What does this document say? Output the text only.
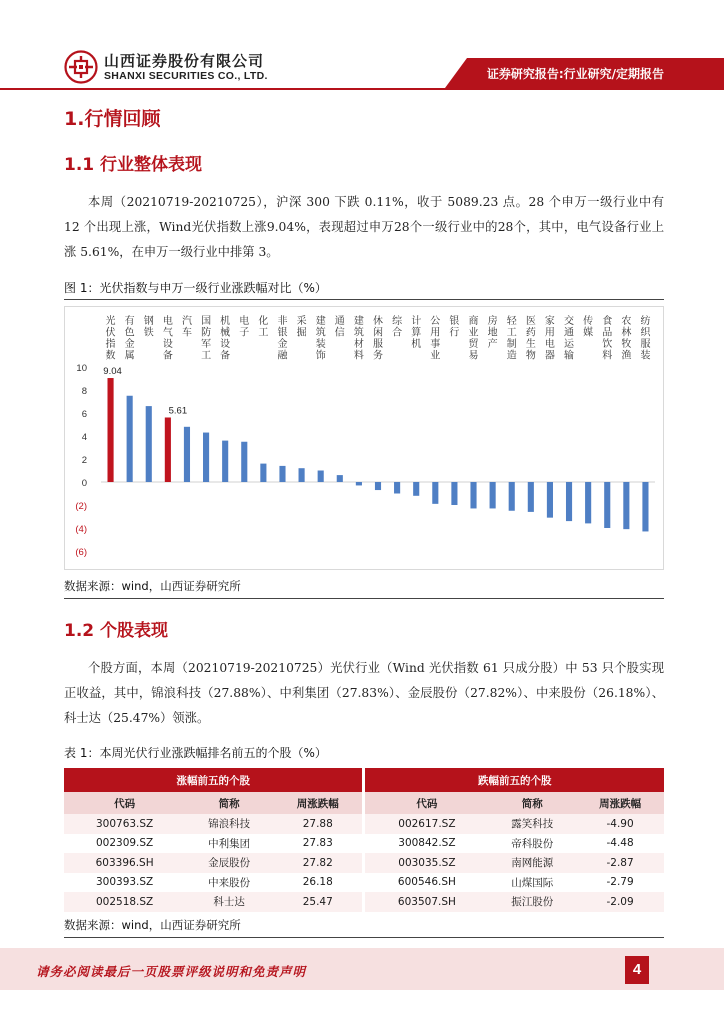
山西证券股份有限公司
SHANXI SECURITIES CO., LTD.	证券研究报告:行业研究/定期报告
1.行情回顾
1.1 行业整体表现

本周（20210719-20210725），沪深 300 下跌 0.11%，收于 5089.23 点。28 个申万一级行业中有 12 个出现上涨，Wind光伏指数上涨9.04%，表现超过申万28个一级行业中的28个，其中，电气设备行业上涨 5.61%，在申万一级行业中排第 3。

图 1：光伏指数与申万一级行业涨跌幅对比（%）
10
8
6
4
2
0
(2)
(4)
(6)
光伏指数
有色金属
钢铁
电气设备
汽车
国防军工
机械设备
电子
化工
非银金融
采掘
建筑装饰
通信
建筑材料
休闲服务
综合
计算机
公用事业
银行
商业贸易
房地产
轻工制造
医药生物
家用电器
交通运输
传媒
食品饮料
农林牧渔
纺织服装
9.04
5.61
数据来源：wind，山西证券研究所
1.2 个股表现

个股方面，本周（20210719-20210725）光伏行业（Wind 光伏指数 61 只成分股）中 53 只个股实现正收益，其中，锦浪科技（27.88%）、中利集团（27.83%）、金辰股份（27.82%）、中来股份（26.18%）、科士达（25.47%）领涨。

表 1：本周光伏行业涨跌幅排名前五的个股（%）
涨幅前五的个股			跌幅前五的个股		
代码	简称	周涨跌幅	代码	简称	周涨跌幅
300763.SZ	锦浪科技	27.88	002617.SZ	露笑科技	-4.90
002309.SZ	中利集团	27.83	300842.SZ	帝科股份	-4.48
603396.SH	金辰股份	27.82	003035.SZ	南网能源	-2.87
300393.SZ	中来股份	26.18	600546.SH	山煤国际	-2.79
002518.SZ	科士达	25.47	603507.SH	振江股份	-2.09
数据来源：wind，山西证券研究所
请务必阅读最后一页股票评级说明和免责声明	4
